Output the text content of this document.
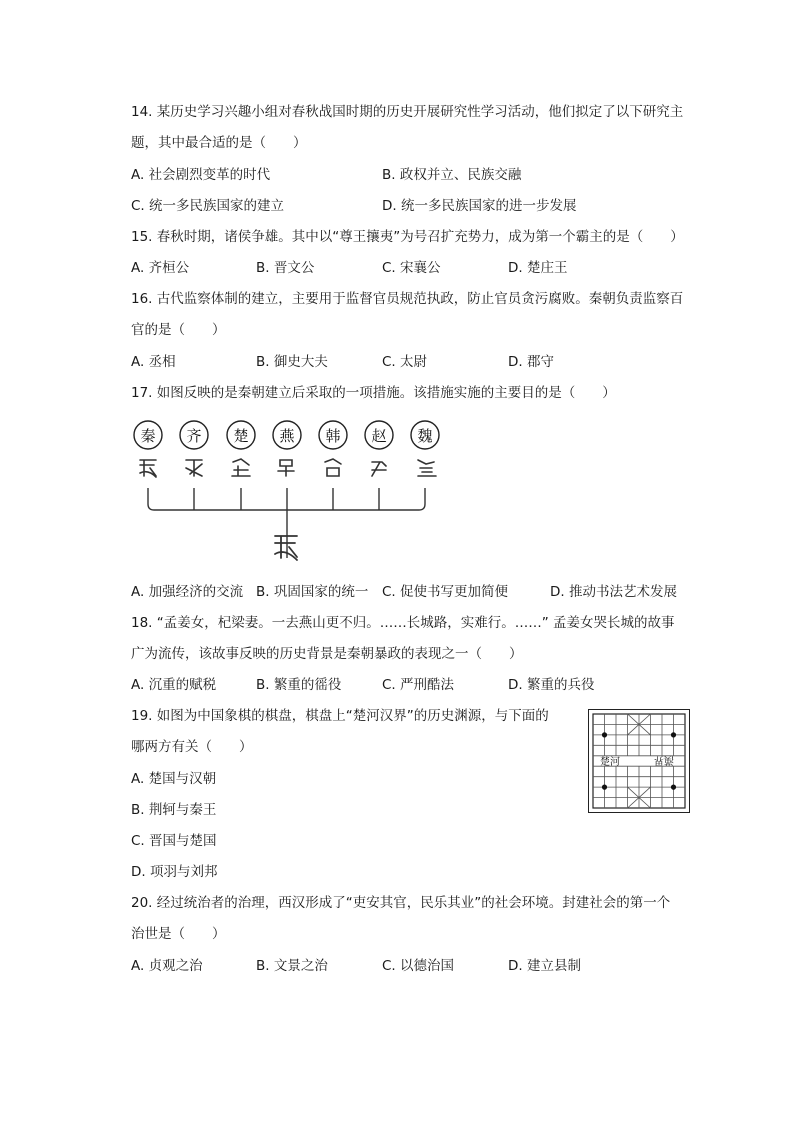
14. 某历史学习兴趣小组对春秋战国时期的历史开展研究性学习活动，他们拟定了以下研究主
题，其中最合适的是（　　）
A. 社会剧烈变革的时代	B. 政权并立、民族交融
C. 统一多民族国家的建立	D. 统一多民族国家的进一步发展
15. 春秋时期，诸侯争雄。其中以“尊王攘夷”为号召扩充势力，成为第一个霸主的是（　　）
A. 齐桓公	B. 晋文公	C. 宋襄公	D. 楚庄王
16. 古代监察体制的建立，主要用于监督官员规范执政，防止官员贪污腐败。秦朝负责监察百
官的是（　　）
A. 丞相	B. 御史大夫	C. 太尉	D. 郡守
17. 如图反映的是秦朝建立后采取的一项措施。该措施实施的主要目的是（　　）
秦 齐 楚 燕 韩 赵 魏
A. 加强经济的交流 B. 巩固国家的统一 C. 促使书写更加简便	D. 推动书法艺术发展
18. “孟姜女，杞梁妻。一去燕山更不归。……长城路，实难行。……” 孟姜女哭长城的故事
广为流传，该故事反映的历史背景是秦朝暴政的表现之一（　　）
A. 沉重的赋税	B. 繁重的徭役	C. 严刑酷法	D. 繁重的兵役
19. 如图为中国象棋的棋盘，棋盘上“楚河汉界”的历史渊源，与下面的
哪两方有关（　　）
A. 楚国与汉朝
B. 荆轲与秦王
C. 晋国与楚国
D. 项羽与刘邦
楚河	漢界
20. 经过统治者的治理，西汉形成了“吏安其官，民乐其业”的社会环境。封建社会的第一个
治世是（　　）
A. 贞观之治	B. 文景之治	C. 以德治国	D. 建立县制
